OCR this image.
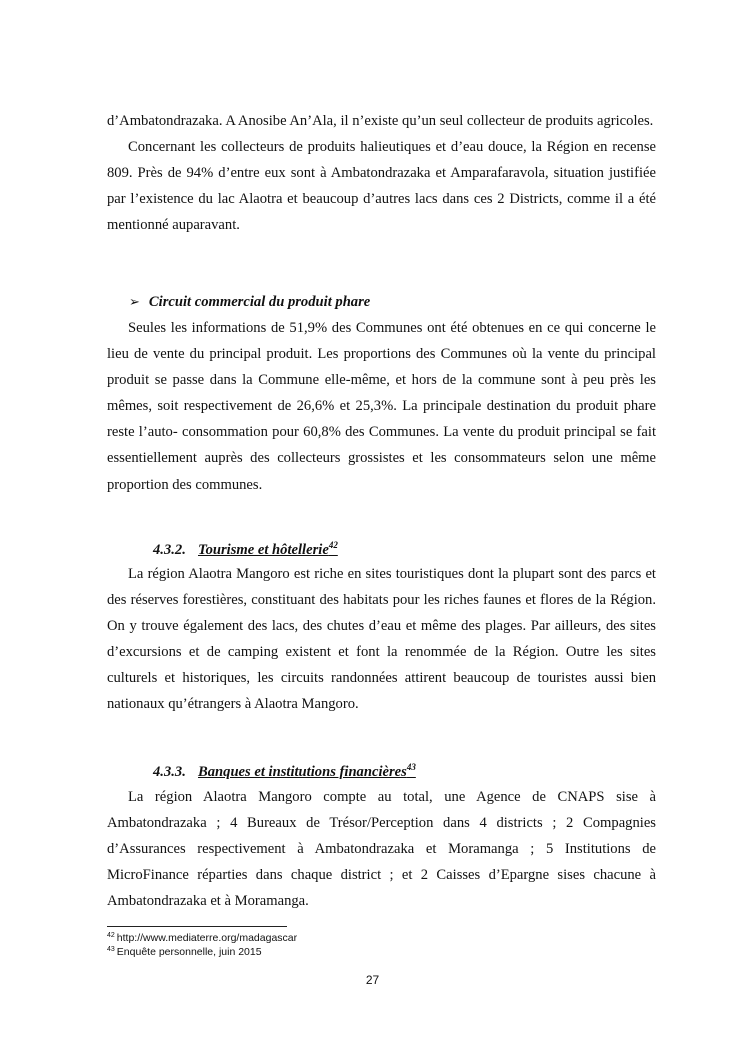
d’Ambatondrazaka. A Anosibe An’Ala, il n’existe qu’un seul collecteur de produits agricoles.

Concernant les collecteurs de produits halieutiques et d’eau douce, la Région en recense 809. Près de 94% d’entre eux sont à Ambatondrazaka et Amparafaravola, situation justifiée par l’existence du lac Alaotra et beaucoup d’autres lacs dans ces 2 Districts, comme il a été mentionné auparavant.

➢ Circuit commercial du produit phare

Seules les informations de 51,9% des Communes ont été obtenues en ce qui concerne le lieu de vente du principal produit. Les proportions des Communes où la vente du principal produit se passe dans la Commune elle-même, et hors de la commune sont à peu près les mêmes, soit respectivement de 26,6% et 25,3%. La principale destination du produit phare reste l’auto- consommation pour 60,8% des Communes. La vente du produit principal se fait essentiellement auprès des collecteurs grossistes et les consommateurs selon une même proportion des communes.

4.3.2. Tourisme et hôtellerie$^{42}$

La région Alaotra Mangoro est riche en sites touristiques dont la plupart sont des parcs et des réserves forestières, constituant des habitats pour les riches faunes et flores de la Région. On y trouve également des lacs, des chutes d’eau et même des plages. Par ailleurs, des sites d’excursions et de camping existent et font la renommée de la Région. Outre les sites culturels et historiques, les circuits randonnées attirent beaucoup de touristes aussi bien nationaux qu’étrangers à Alaotra Mangoro.

4.3.3. Banques et institutions financières$^{43}$

La région Alaotra Mangoro compte au total, une Agence de CNAPS sise à Ambatondrazaka ; 4 Bureaux de Trésor/Perception dans 4 districts ; 2 Compagnies d’Assurances respectivement à Ambatondrazaka et Moramanga ; 5 Institutions de MicroFinance réparties dans chaque district ; et 2 Caisses d’Epargne sises chacune à Ambatondrazaka et à Moramanga.

$^{42}$ http://www.mediaterre.org/madagascar
$^{43}$ Enquête personnelle, juin 2015
27
